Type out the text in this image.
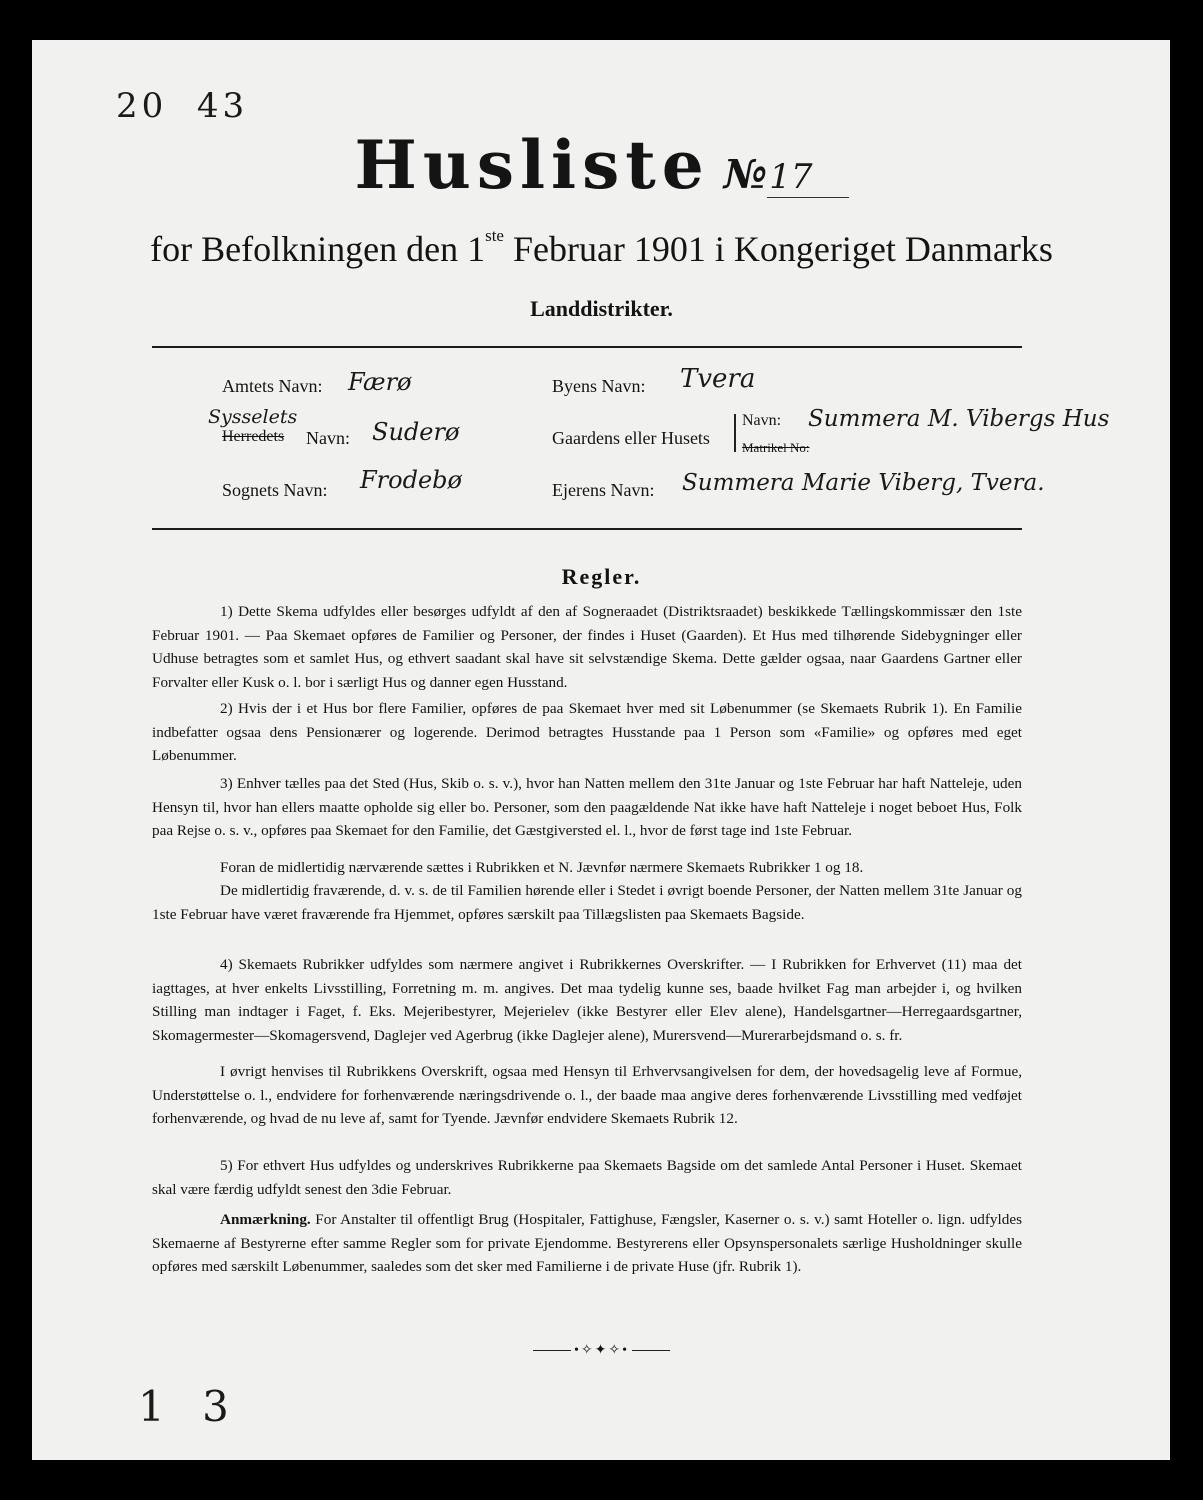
20  43
1 3
Husliste №17
for Befolkningen den 1ste Februar 1901 i Kongeriget Danmarks
Landdistrikter.
Amtets Navn: Færø
Sysselets
Herredets Navn: Suderø
Sognets Navn: Frodebø
Byens Navn: Tvera
Gaardens eller Husets
Navn: Summera M. Vibergs Hus
Matrikel No:
Ejerens Navn: Summera Marie Viberg, Tvera.
Regler.
1) Dette Skema udfyldes eller besørges udfyldt af den af Sogneraadet (Distriktsraadet) beskikkede Tællingskommissær den 1ste Februar 1901. — Paa Skemaet opføres de Familier og Personer, der findes i Huset (Gaarden). Et Hus med tilhørende Sidebygninger eller Udhuse betragtes som et samlet Hus, og ethvert saadant skal have sit selvstændige Skema. Dette gælder ogsaa, naar Gaardens Gartner eller Forvalter eller Kusk o. l. bor i særligt Hus og danner egen Husstand.
2) Hvis der i et Hus bor flere Familier, opføres de paa Skemaet hver med sit Løbenummer (se Skemaets Rubrik 1). En Familie indbefatter ogsaa dens Pensionærer og logerende. Derimod betragtes Husstande paa 1 Person som «Familie» og opføres med eget Løbenummer.
3) Enhver tælles paa det Sted (Hus, Skib o. s. v.), hvor han Natten mellem den 31te Januar og 1ste Februar har haft Natteleje, uden Hensyn til, hvor han ellers maatte opholde sig eller bo. Personer, som den paagældende Nat ikke have haft Natteleje i noget beboet Hus, Folk paa Rejse o. s. v., opføres paa Skemaet for den Familie, det Gæstgiversted el. l., hvor de først tage ind 1ste Februar.
Foran de midlertidig nærværende sættes i Rubrikken et N. Jævnfør nærmere Skemaets Rubrikker 1 og 18.
De midlertidig fraværende, d. v. s. de til Familien hørende eller i Stedet i øvrigt boende Personer, der Natten mellem 31te Januar og 1ste Februar have været fraværende fra Hjemmet, opføres særskilt paa Tillægslisten paa Skemaets Bagside.
4) Skemaets Rubrikker udfyldes som nærmere angivet i Rubrikkernes Overskrifter. — I Rubrikken for Erhvervet (11) maa det iagttages, at hver enkelts Livsstilling, Forretning m. m. angives. Det maa tydelig kunne ses, baade hvilket Fag man arbejder i, og hvilken Stilling man indtager i Faget, f. Eks. Mejeribestyrer, Mejerielev (ikke Bestyrer eller Elev alene), Handelsgartner—Herregaardsgartner, Skomagermester—Skomagersvend, Daglejer ved Agerbrug (ikke Daglejer alene), Murersvend—Murerarbejdsmand o. s. fr.
I øvrigt henvises til Rubrikkens Overskrift, ogsaa med Hensyn til Erhvervsangivelsen for dem, der hovedsagelig leve af Formue, Understøttelse o. l., endvidere for forhenværende næringsdrivende o. l., der baade maa angive deres forhenværende Livsstilling med vedføjet forhenværende, og hvad de nu leve af, samt for Tyende. Jævnfør endvidere Skemaets Rubrik 12.
5) For ethvert Hus udfyldes og underskrives Rubrikkerne paa Skemaets Bagside om det samlede Antal Personer i Huset. Skemaet skal være færdig udfyldt senest den 3die Februar.
Anmærkning. For Anstalter til offentligt Brug (Hospitaler, Fattighuse, Fængsler, Kaserner o. s. v.) samt Hoteller o. lign. udfyldes Skemaerne af Bestyrerne efter samme Regler som for private Ejendomme. Bestyrerens eller Opsynspersonalets særlige Husholdninger skulle opføres med særskilt Løbenummer, saaledes som det sker med Familierne i de private Huse (jfr. Rubrik 1).
•✧✦✧•
